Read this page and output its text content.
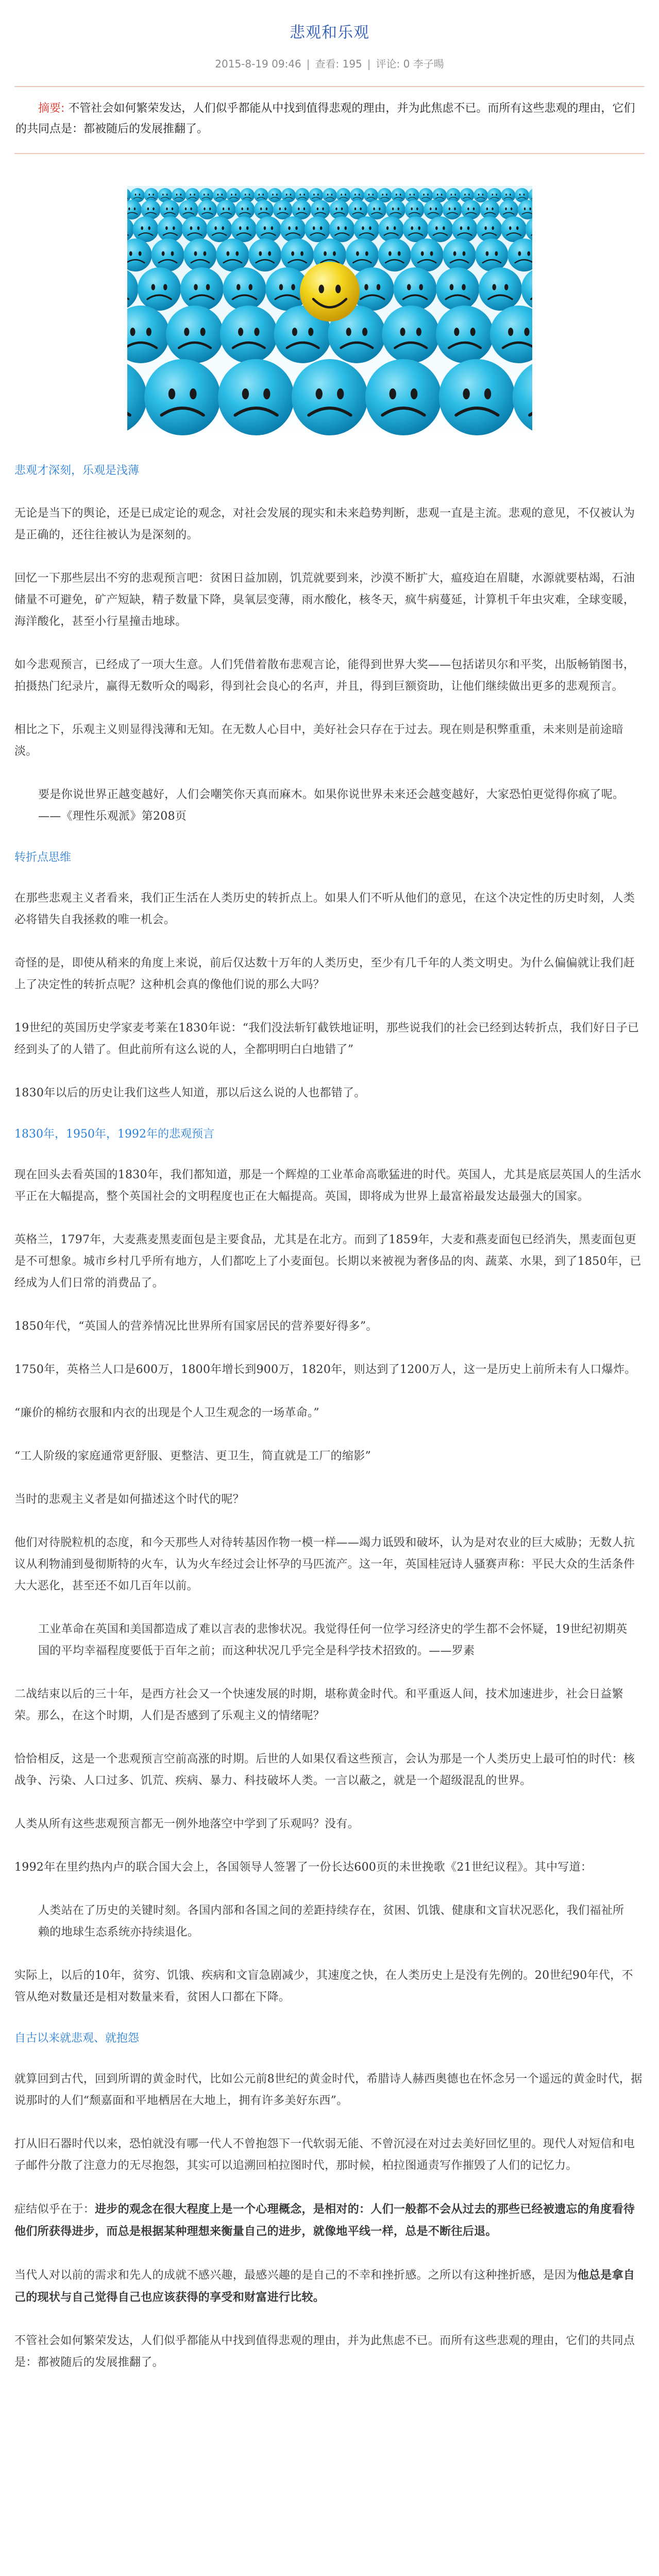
悲观和乐观
2015-8-19 09:46 | 查看: 195 | 评论: 0 李子暘
摘要: 不管社会如何繁荣发达，人们似乎都能从中找到值得悲观的理由，并为此焦虑不已。而所有这些悲观的理由，它们的共同点是：都被随后的发展推翻了。
悲观才深刻，乐观是浅薄

无论是当下的舆论，还是已成定论的观念，对社会发展的现实和未来趋势判断，悲观一直是主流。悲观的意见，不仅被认为是正确的，还往往被认为是深刻的。

回忆一下那些层出不穷的悲观预言吧：贫困日益加剧，饥荒就要到来，沙漠不断扩大，瘟疫迫在眉睫，水源就要枯竭，石油储量不可避免，矿产短缺，精子数量下降，臭氧层变薄，雨水酸化，核冬天，疯牛病蔓延，计算机千年虫灾难，全球变暖，海洋酸化，甚至小行星撞击地球。

如今悲观预言，已经成了一项大生意。人们凭借着散布悲观言论，能得到世界大奖——包括诺贝尔和平奖，出版畅销图书，拍摄热门纪录片，赢得无数听众的喝彩，得到社会良心的名声，并且，得到巨额资助，让他们继续做出更多的悲观预言。

相比之下，乐观主义则显得浅薄和无知。在无数人心目中，美好社会只存在于过去。现在则是积弊重重，未来则是前途暗淡。

要是你说世界正越变越好，人们会嘲笑你天真而麻木。如果你说世界未来还会越变越好，大家恐怕更觉得你疯了呢。——《理性乐观派》第208页

转折点思维

在那些悲观主义者看来，我们正生活在人类历史的转折点上。如果人们不听从他们的意见，在这个决定性的历史时刻，人类必将错失自我拯救的唯一机会。

奇怪的是，即使从稍来的角度上来说，前后仅达数十万年的人类历史，至少有几千年的人类文明史。为什么偏偏就让我们赶上了决定性的转折点呢？这种机会真的像他们说的那么大吗？

19世纪的英国历史学家麦考莱在1830年说：“我们没法斩钉截铁地证明，那些说我们的社会已经到达转折点，我们好日子已经到头了的人错了。但此前所有这么说的人，全都明明白白地错了”

1830年以后的历史让我们这些人知道，那以后这么说的人也都错了。

1830年，1950年，1992年的悲观预言

现在回头去看英国的1830年，我们都知道，那是一个辉煌的工业革命高歌猛进的时代。英国人，尤其是底层英国人的生活水平正在大幅提高，整个英国社会的文明程度也正在大幅提高。英国，即将成为世界上最富裕最发达最强大的国家。

英格兰，1797年，大麦燕麦黑麦面包是主要食品，尤其是在北方。而到了1859年，大麦和燕麦面包已经消失，黑麦面包更是不可想象。城市乡村几乎所有地方，人们都吃上了小麦面包。长期以来被视为奢侈品的肉、蔬菜、水果，到了1850年，已经成为人们日常的消费品了。

1850年代，“英国人的营养情况比世界所有国家居民的营养要好得多”。

1750年，英格兰人口是600万，1800年增长到900万，1820年，则达到了1200万人，这一是历史上前所未有人口爆炸。

“廉价的棉纺衣服和内衣的出现是个人卫生观念的一场革命。”

“工人阶级的家庭通常更舒服、更整洁、更卫生，简直就是工厂的缩影”

当时的悲观主义者是如何描述这个时代的呢？

他们对待脱粒机的态度，和今天那些人对待转基因作物一模一样——竭力诋毁和破坏，认为是对农业的巨大威胁；无数人抗议从利物浦到曼彻斯特的火车，认为火车经过会让怀孕的马匹流产。这一年，英国桂冠诗人骚赛声称：平民大众的生活条件大大恶化，甚至还不如几百年以前。

工业革命在英国和美国都造成了难以言表的悲惨状况。我觉得任何一位学习经济史的学生都不会怀疑，19世纪初期英国的平均幸福程度要低于百年之前；而这种状况几乎完全是科学技术招致的。——罗素

二战结束以后的三十年，是西方社会又一个快速发展的时期，堪称黄金时代。和平重返人间，技术加速进步，社会日益繁荣。那么，在这个时期，人们是否感到了乐观主义的情绪呢？

恰恰相反，这是一个悲观预言空前高涨的时期。后世的人如果仅看这些预言，会认为那是一个人类历史上最可怕的时代：核战争、污染、人口过多、饥荒、疾病、暴力、科技破坏人类。一言以蔽之，就是一个超级混乱的世界。

人类从所有这些悲观预言都无一例外地落空中学到了乐观吗？没有。

1992年在里约热内卢的联合国大会上，各国领导人签署了一份长达600页的未世挽歌《21世纪议程》。其中写道：

人类站在了历史的关键时刻。各国内部和各国之间的差距持续存在，贫困、饥饿、健康和文盲状况恶化，我们福祉所赖的地球生态系统亦持续退化。

实际上，以后的10年，贫穷、饥饿、疾病和文盲急剧减少，其速度之快，在人类历史上是没有先例的。20世纪90年代，不管从绝对数量还是相对数量来看，贫困人口都在下降。

自古以来就悲观、就抱怨

就算回到古代，回到所谓的黄金时代，比如公元前8世纪的黄金时代，希腊诗人赫西奥德也在怀念另一个遥远的黄金时代，据说那时的人们“颓嘉面和平地栖居在大地上，拥有许多美好东西”。

打从旧石器时代以来，恐怕就没有哪一代人不曾抱怨下一代软弱无能、不曾沉浸在对过去美好回忆里的。现代人对短信和电子邮件分散了注意力的无尽抱怨，其实可以追溯回柏拉图时代，那时候，柏拉图通责写作摧毁了人们的记忆力。

症结似乎在于：进步的观念在很大程度上是一个心理概念，是相对的：人们一般都不会从过去的那些已经被遗忘的角度看待他们所获得进步，而总是根据某种理想来衡量自己的进步，就像地平线一样，总是不断往后退。

当代人对以前的需求和先人的成就不感兴趣，最感兴趣的是自己的不幸和挫折感。之所以有这种挫折感，是因为他总是拿自己的现状与自己觉得自己也应该获得的享受和财富进行比较。

不管社会如何繁荣发达，人们似乎都能从中找到值得悲观的理由，并为此焦虑不已。而所有这些悲观的理由，它们的共同点是：都被随后的发展推翻了。
